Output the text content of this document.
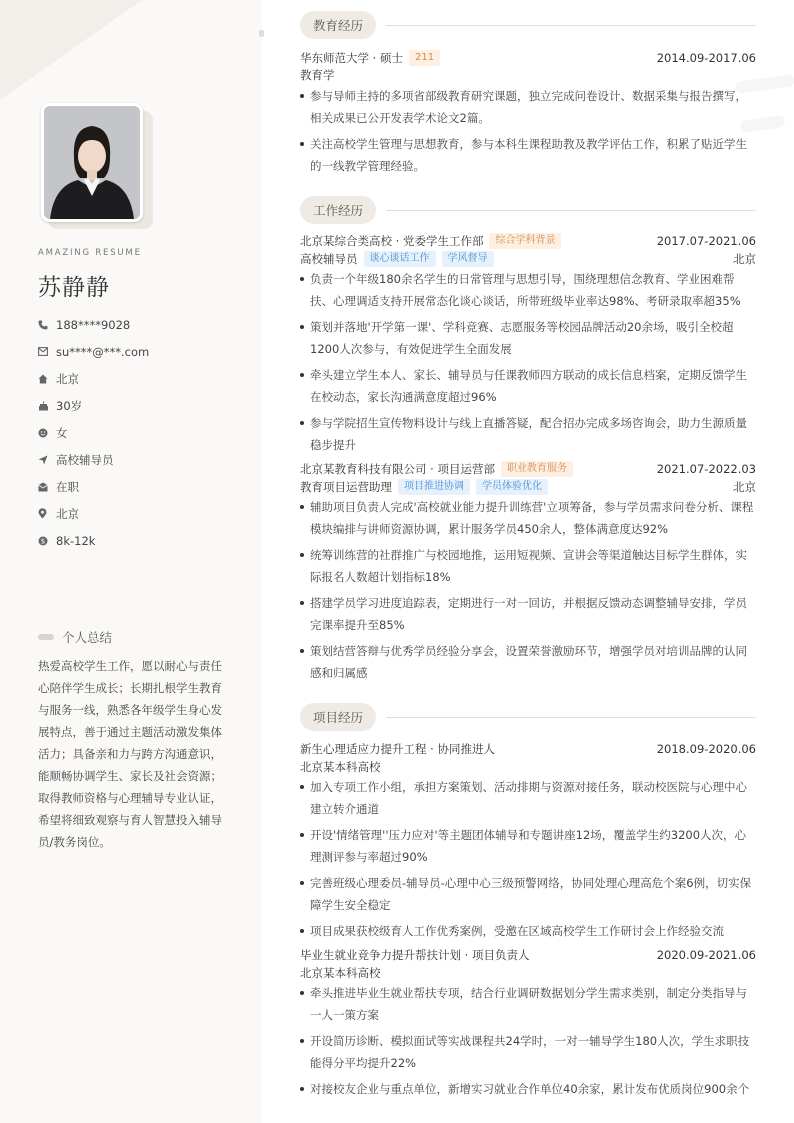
AMAZING RESUME
苏静静
188****9028
su****@***.com
北京
30岁
女
高校辅导员
在职
北京
$ 8k-12k
个人总结
热爱高校学生工作，愿以耐心与责任心陪伴学生成长；长期扎根学生教育与服务一线，熟悉各年级学生身心发展特点，善于通过主题活动激发集体活力；具备亲和力与跨方沟通意识，能顺畅协调学生、家长及社会资源；取得教师资格与心理辅导专业认证，希望将细致观察与育人智慧投入辅导员/教务岗位。
教育经历
华东师范大学 · 硕士	211	2014.09-2017.06
教育学
参与导师主持的多项省部级教育研究课题，独立完成问卷设计、数据采集与报告撰写，相关成果已公开发表学术论文2篇。
关注高校学生管理与思想教育，参与本科生课程助教及教学评估工作，积累了贴近学生的一线教学管理经验。
工作经历
北京某综合类高校 · 党委学生工作部	综合学科背景	2017.07-2021.06
高校辅导员	谈心谈话工作	学风督导	北京
负责一个年级180余名学生的日常管理与思想引导，围绕理想信念教育、学业困难帮扶、心理调适支持开展常态化谈心谈话，所带班级毕业率达98%、考研录取率超35%
策划并落地'开学第一课'、学科竞赛、志愿服务等校园品牌活动20余场，吸引全校超1200人次参与，有效促进学生全面发展
牵头建立学生本人、家长、辅导员与任课教师四方联动的成长信息档案，定期反馈学生在校动态，家长沟通满意度超过96%
参与学院招生宣传物料设计与线上直播答疑，配合招办完成多场咨询会，助力生源质量稳步提升
北京某教育科技有限公司 · 项目运营部	职业教育服务	2021.07-2022.03
教育项目运营助理	项目推进协调	学员体验优化	北京
辅助项目负责人完成'高校就业能力提升训练营'立项筹备，参与学员需求问卷分析、课程模块编排与讲师资源协调，累计服务学员450余人，整体满意度达92%
统筹训练营的社群推广与校园地推，运用短视频、宣讲会等渠道触达目标学生群体，实际报名人数超计划指标18%
搭建学员学习进度追踪表，定期进行一对一回访，并根据反馈动态调整辅导安排，学员完课率提升至85%
策划结营答辩与优秀学员经验分享会，设置荣誉激励环节，增强学员对培训品牌的认同感和归属感
项目经历
新生心理适应力提升工程 · 协同推进人	2018.09-2020.06
北京某本科高校
加入专项工作小组，承担方案策划、活动排期与资源对接任务，联动校医院与心理中心建立转介通道
开设'情绪管理''压力应对'等主题团体辅导和专题讲座12场，覆盖学生约3200人次，心理测评参与率超过90%
完善班级心理委员-辅导员-心理中心三级预警网络，协同处理心理高危个案6例，切实保障学生安全稳定
项目成果获校级育人工作优秀案例，受邀在区域高校学生工作研讨会上作经验交流
毕业生就业竞争力提升帮扶计划 · 项目负责人	2020.09-2021.06
北京某本科高校
牵头推进毕业生就业帮扶专项，结合行业调研数据划分学生需求类别，制定分类指导与一人一策方案
开设简历诊断、模拟面试等实战课程共24学时，一对一辅导学生180人次，学生求职技能得分平均提升22%
对接校友企业与重点单位，新增实习就业合作单位40余家，累计发布优质岗位900余个
